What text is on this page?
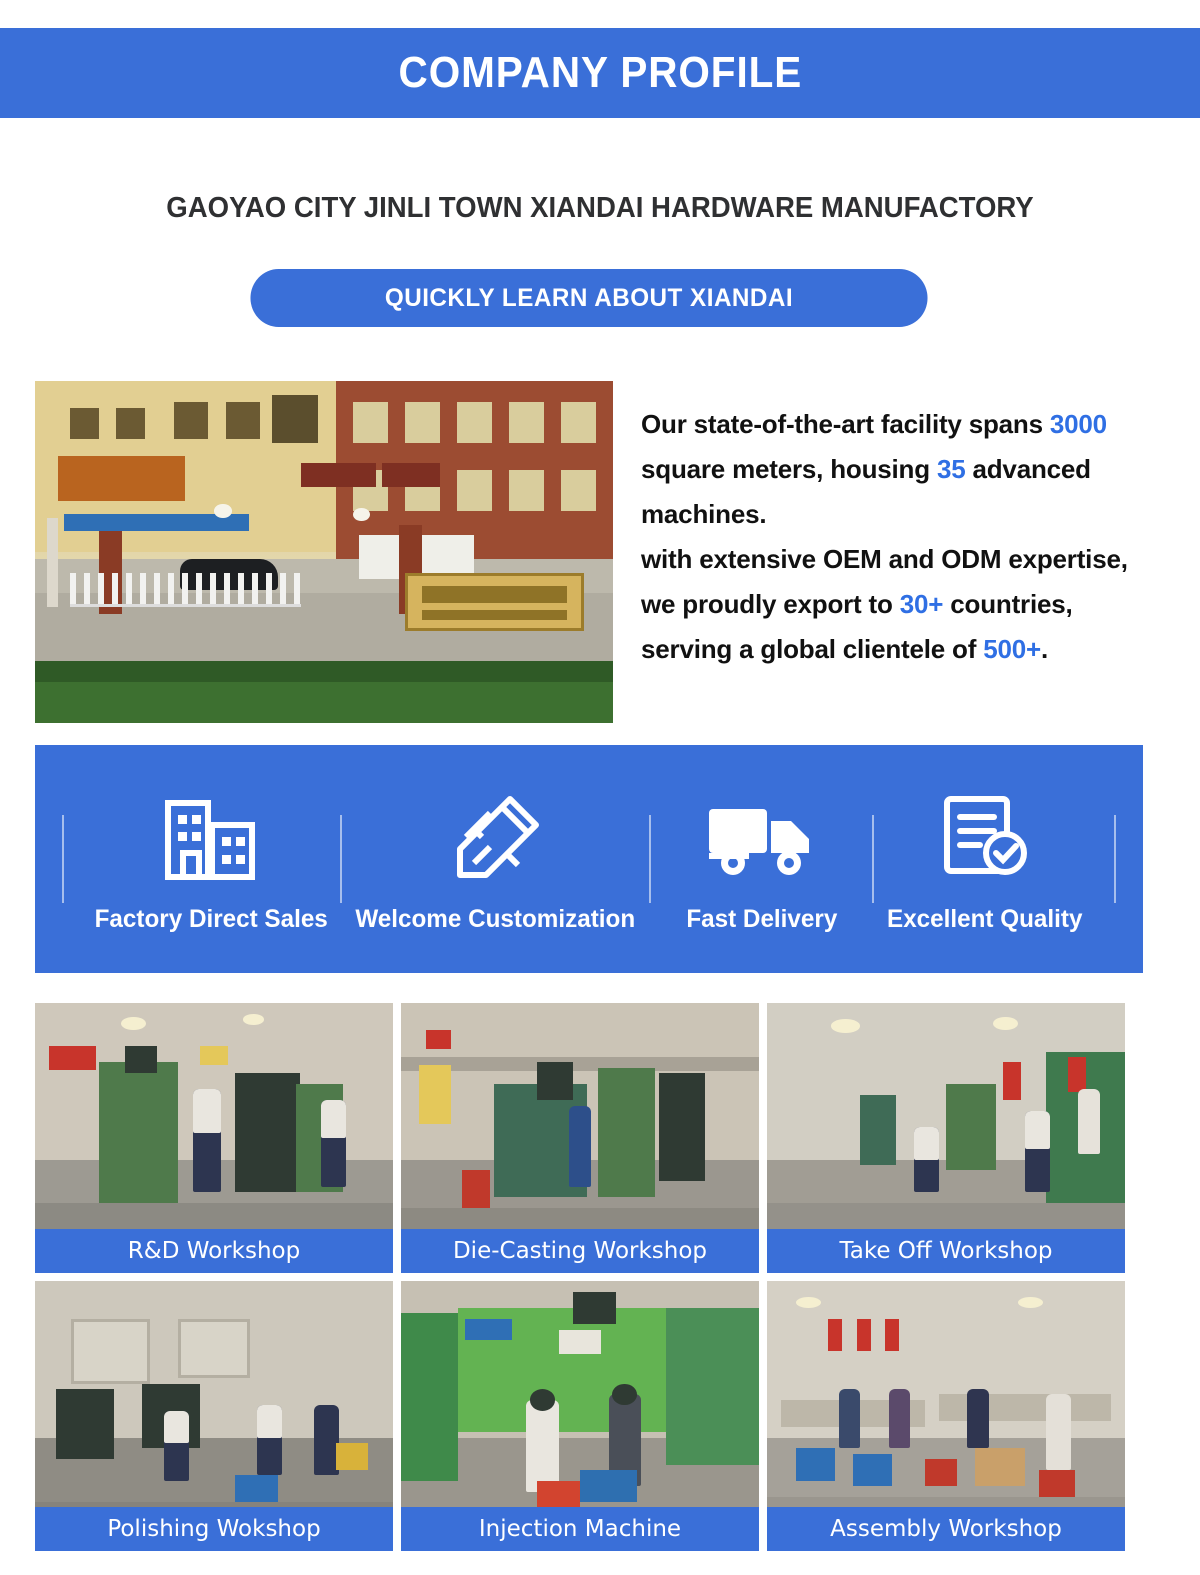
COMPANY PROFILE
GAOYAO CITY JINLI TOWN XIANDAI HARDWARE MANUFACTORY
QUICKLY LEARN ABOUT XIANDAI
Our state-of-the-art facility spans 3000
square meters, housing 35 advanced
machines.
with extensive OEM and ODM expertise,
we proudly export to 30+ countries,
serving a global clientele of 500+.
Factory Direct Sales Welcome Customization Fast Delivery Excellent Quality
R&D Workshop	Die-Casting Workshop	Take Off Workshop
Polishing Wokshop	Injection Machine	Assembly Workshop
